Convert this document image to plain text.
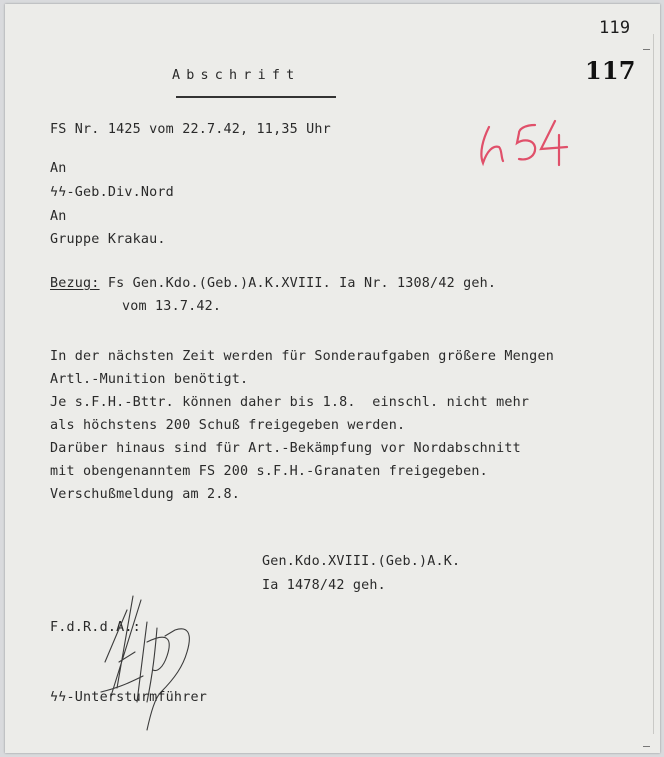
119
117
Abschrift
FS Nr. 1425 vom 22.7.42, 11,35 Uhr
An
ϟϟ-Geb.Div.Nord
An
Gruppe Krakau.
Bezug: Fs Gen.Kdo.(Geb.)A.K.XVIII. Ia Nr. 1308/42 geh.
vom 13.7.42.
In der nächsten Zeit werden für Sonderaufgaben größere Mengen
Artl.-Munition benötigt.
Je s.F.H.-Bttr. können daher bis 1.8.  einschl. nicht mehr
als höchstens 200 Schuß freigegeben werden.
Darüber hinaus sind für Art.-Bekämpfung vor Nordabschnitt
mit obengenanntem FS 200 s.F.H.-Granaten freigegeben.
Verschußmeldung am 2.8.
Gen.Kdo.XVIII.(Geb.)A.K.
Ia 1478/42 geh.
F.d.R.d.A.:
ϟϟ-Untersturmführer
